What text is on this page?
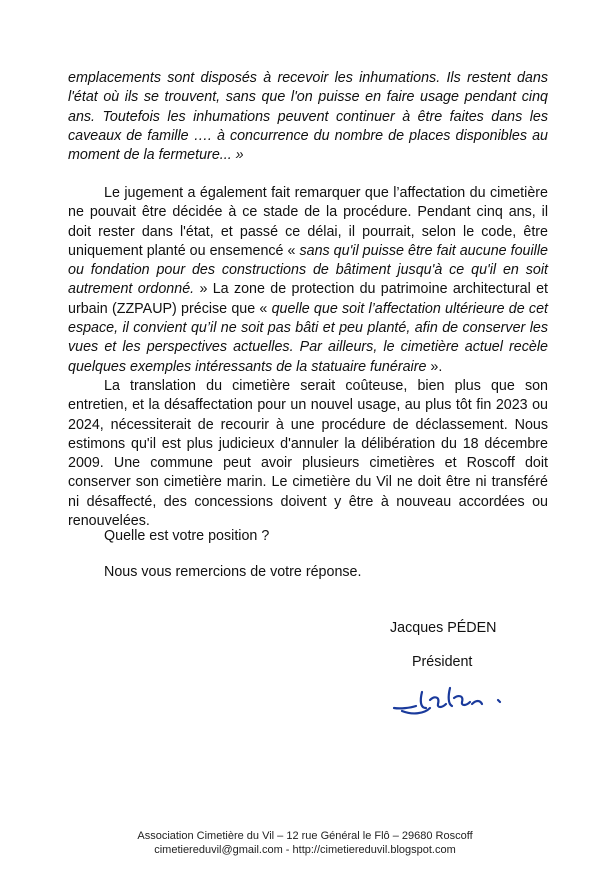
emplacements sont disposés à recevoir les inhumations. Ils restent dans l'état où ils se trouvent, sans que l'on puisse en faire usage pendant cinq ans. Toutefois les inhumations peuvent continuer à être faites dans les caveaux de famille …. à concurrence du nombre de places disponibles au moment de la fermeture... »

Le jugement a également fait remarquer que l’affectation du cimetière ne pouvait être décidée à ce stade de la procédure. Pendant cinq ans, il doit rester dans l'état, et passé ce délai, il pourrait, selon le code, être uniquement planté ou ensemencé « sans qu'il puisse être fait aucune fouille ou fondation pour des constructions de bâtiment jusqu'à ce qu'il en soit autrement ordonné. » La zone de protection du patrimoine architectural et urbain (ZZPAUP) précise que « quelle que soit l’affectation ultérieure de cet espace, il convient qu’il ne soit pas bâti et peu planté, afin de conserver les vues et les perspectives actuelles. Par ailleurs, le cimetière actuel recèle quelques exemples intéressants de la statuaire funéraire ».

La translation du cimetière serait coûteuse, bien plus que son entretien, et la désaffectation pour un nouvel usage, au plus tôt fin 2023 ou 2024, nécessiterait de recourir à une procédure de déclassement. Nous estimons qu'il est plus judicieux d'annuler la délibération du 18 décembre 2009. Une commune peut avoir plusieurs cimetières et Roscoff doit conserver son cimetière marin. Le cimetière du Vil ne doit être ni transféré ni désaffecté, des concessions doivent y être à nouveau accordées ou renouvelées.

Quelle est votre position ?

Nous vous remercions de votre réponse.

Jacques PÉDEN

Président

Association Cimetière du Vil – 12 rue Général le Flô – 29680 Roscoff
cimetiereduvil@gmail.com - http://cimetiereduvil.blogspot.com
